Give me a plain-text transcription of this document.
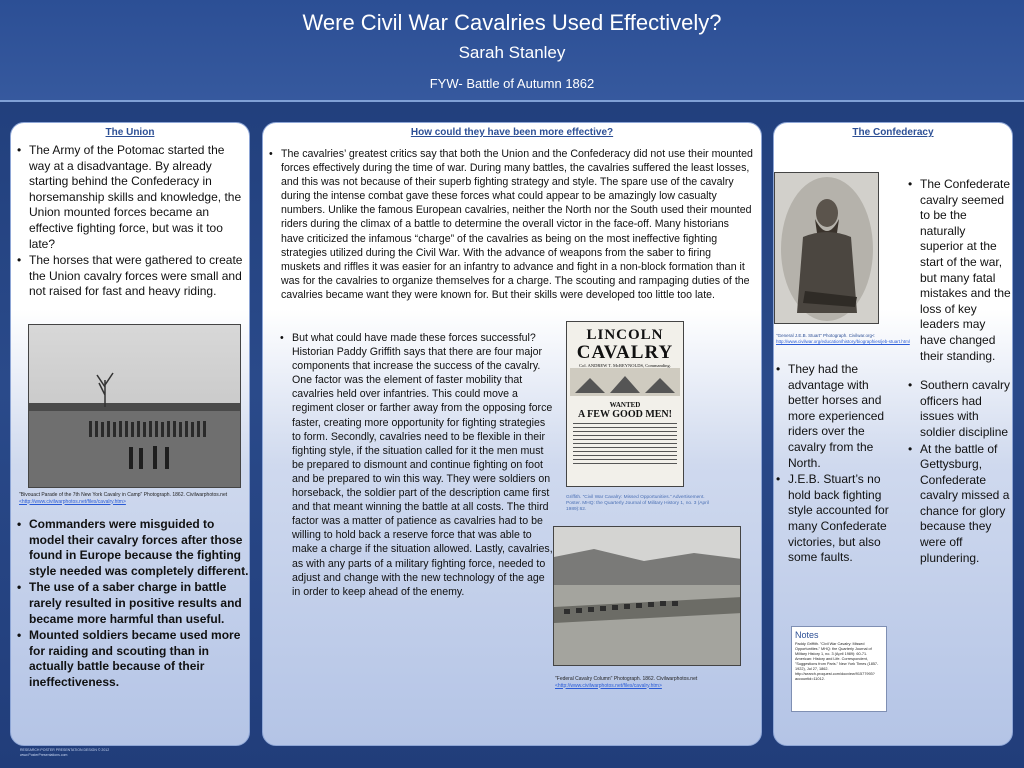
Were Civil War Cavalries Used Effectively?
Sarah Stanley
FYW- Battle of Autumn 1862
The Union
• The Army of the Potomac started the way at a disadvantage. By already starting behind the Confederacy in horsemanship skills and knowledge, the Union mounted forces became an effective fighting force, but was it too late?
• The horses that were gathered to create the Union cavalry forces were small and not raised for fast and heavy riding.
"Bivouact Parade of the 7th New York Cavalry in Camp" Photograph. 1862. Civilwarphotos.net
<http://www.civilwarphotos.net/files/cavalry.htm>
• Commanders were misguided to model their cavalry forces after those found in Europe because the fighting style needed was completely different.
• The use of a saber charge in battle rarely resulted in positive results and became more harmful than useful.
• Mounted soldiers became used more for raiding and scouting than in actually battle because of their ineffectiveness.
How could they have been more effective?
• The cavalries’ greatest critics say that both the Union and the Confederacy did not use their mounted forces effectively during the time of war. During many battles, the cavalries suffered the least losses, and this was not because of their superb fighting strategy and style. The spare use of the cavalry during the intense combat gave these forces what could appear to be amazingly low casualty numbers. Unlike the famous European cavalries, neither the North nor the South used their mounted riders during the climax of a battle to determine the overall victor in the face-off. Many historians have criticized the infamous “charge” of the cavalries as being on the most ineffective fighting strategies utilized during the Civil War. With the advance of weapons from the saber to firing muskets and riffles it was easier for an infantry to advance and fight in a non-block formation than it was for the cavalries to organize themselves for a charge. The scouting and rampaging duties of the cavalries became want they were known for. But their skills were developed too little too late.
• But what could have made these forces successful? Historian Paddy Griffith says that there are four major components that increase the success of the cavalry. One factor was the element of faster mobility that cavalries held over infantries. This could move a regiment closer or farther away from the opposing force faster, creating more opportunity for fighting strategies to form. Secondly, cavalries need to be flexible in their fighting style, if the situation called for it the men must be prepared to dismount and continue fighting on foot and be prepared to win this way. They were soldiers on horseback, the soldier part of the description came first and that meant winning the battle at all costs. The third factor was a matter of patience as cavalries had to be willing to hold back a reserve force that was able to make a charge if the situation allowed. Lastly, cavalries, as with any parts of a military fighting force, needed to adjust and change with the new technology of the age in order to keep ahead of the enemy.
LINCOLN
CAVALRY
Col. ANDREW T. McREYNOLDS, Commanding.
WANTED
A FEW GOOD MEN!
Griffith. “Civil War Cavalry: Missed Opportunities.” Advertisement. Poster. MHQ: the Quarterly Journal of Military History 1, no. 3 (April 1989):62.
"Federal Cavalry Column" Photograph. 1862. Civilwarphotos.net
<http://www.civilwarphotos.net/files/cavalry.htm>
The Confederacy
"General J.E.B. Stuart" Photograph. Civilwar.org<
http://www.civilwar.org/education/history/biographies/jeb-stuart.html
• The Confederate cavalry seemed to be the naturally superior at the start of the war, but many fatal mistakes and the loss of key leaders may have changed their standing.
• Southern cavalry officers had issues with soldier discipline
• At the battle of Gettysburg, Confederate cavalry missed a chance for glory because they were off plundering.
• They had the advantage with better horses and more experienced riders over the cavalry from the North.
• J.E.B. Stuart’s no hold back fighting style accounted for many Confederate victories, but also some faults.
Notes
Paddy Griffith. "Civil War Cavalry: Missed Opportunities." MHQ: the Quarterly Journal of Military History 1, no. 3 (April 1989): 60-71. American: History and Life. Correspondent, "Suggestions from Paris." New York Times (1857-1922), Jul 27, 1862. http://search.proquest.com/docview/91577993?accountid=11012.
RESEARCH POSTER PRESENTATION DESIGN © 2012
www.PosterPresentations.com
